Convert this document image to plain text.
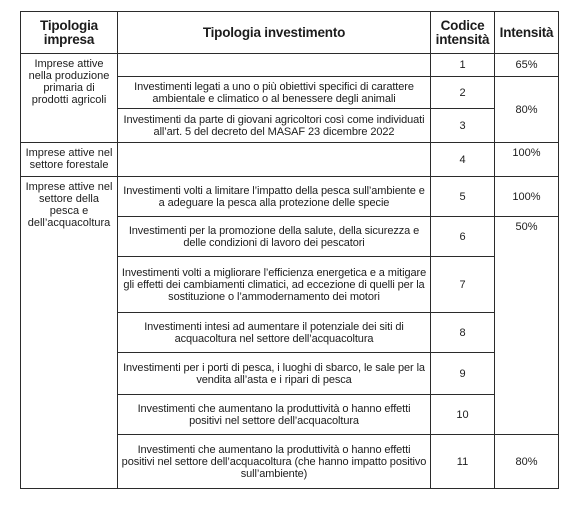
Tipologia impresa	Tipologia investimento	Codice intensità	Intensità
Imprese attive nella produzione primaria di prodotti agricoli		1	65%
	Investimenti legati a uno o più obiettivi specifici di carattere ambientale e climatico o al benessere degli animali	2	80%
	Investimenti da parte di giovani agricoltori così come individuati all’art. 5 del decreto del MASAF 23 dicembre 2022	3	
Imprese attive nel settore forestale		4	100%
Imprese attive nel settore della pesca e dell’acquacoltura	Investimenti volti a limitare l’impatto della pesca sull’ambiente e a adeguare la pesca alla protezione delle specie	5	100%
	Investimenti per la promozione della salute, della sicurezza e delle condizioni di lavoro dei pescatori	6	50%
	Investimenti volti a migliorare l’efficienza energetica e a mitigare gli effetti dei cambiamenti climatici, ad eccezione di quelli per la sostituzione o l’ammodernamento dei motori	7	
	Investimenti intesi ad aumentare il potenziale dei siti di acquacoltura nel settore dell’acquacoltura	8	
	Investimenti per i porti di pesca, i luoghi di sbarco, le sale per la vendita all’asta e i ripari di pesca	9	
	Investimenti che aumentano la produttività o hanno effetti positivi nel settore dell’acquacoltura	10	
	Investimenti che aumentano la produttività o hanno effetti positivi nel settore dell’acquacoltura (che hanno impatto positivo sull’ambiente)	11	80%
